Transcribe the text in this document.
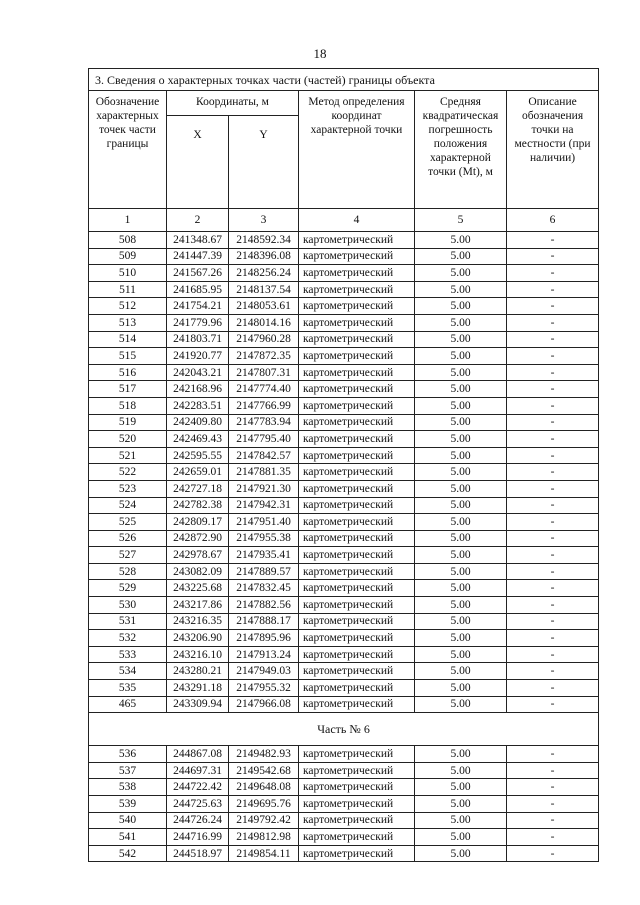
18
3. Сведения о характерных точках части (частей) границы объекта					
Обозначение характерных точек части границы	Координаты, м		Метод определения координат характерной точки	Средняя квадратическая погрешность положения характерной точки (Mt), м	Описание обозначения точки на местности (при наличии)
	X	Y			
1	2	3	4	5	6
508	241348.67	2148592.34	картометрический	5.00	-
509	241447.39	2148396.08	картометрический	5.00	-
510	241567.26	2148256.24	картометрический	5.00	-
511	241685.95	2148137.54	картометрический	5.00	-
512	241754.21	2148053.61	картометрический	5.00	-
513	241779.96	2148014.16	картометрический	5.00	-
514	241803.71	2147960.28	картометрический	5.00	-
515	241920.77	2147872.35	картометрический	5.00	-
516	242043.21	2147807.31	картометрический	5.00	-
517	242168.96	2147774.40	картометрический	5.00	-
518	242283.51	2147766.99	картометрический	5.00	-
519	242409.80	2147783.94	картометрический	5.00	-
520	242469.43	2147795.40	картометрический	5.00	-
521	242595.55	2147842.57	картометрический	5.00	-
522	242659.01	2147881.35	картометрический	5.00	-
523	242727.18	2147921.30	картометрический	5.00	-
524	242782.38	2147942.31	картометрический	5.00	-
525	242809.17	2147951.40	картометрический	5.00	-
526	242872.90	2147955.38	картометрический	5.00	-
527	242978.67	2147935.41	картометрический	5.00	-
528	243082.09	2147889.57	картометрический	5.00	-
529	243225.68	2147832.45	картометрический	5.00	-
530	243217.86	2147882.56	картометрический	5.00	-
531	243216.35	2147888.17	картометрический	5.00	-
532	243206.90	2147895.96	картометрический	5.00	-
533	243216.10	2147913.24	картометрический	5.00	-
534	243280.21	2147949.03	картометрический	5.00	-
535	243291.18	2147955.32	картометрический	5.00	-
465	243309.94	2147966.08	картометрический	5.00	-
Часть № 6					
536	244867.08	2149482.93	картометрический	5.00	-
537	244697.31	2149542.68	картометрический	5.00	-
538	244722.42	2149648.08	картометрический	5.00	-
539	244725.63	2149695.76	картометрический	5.00	-
540	244726.24	2149792.42	картометрический	5.00	-
541	244716.99	2149812.98	картометрический	5.00	-
542	244518.97	2149854.11	картометрический	5.00	-
